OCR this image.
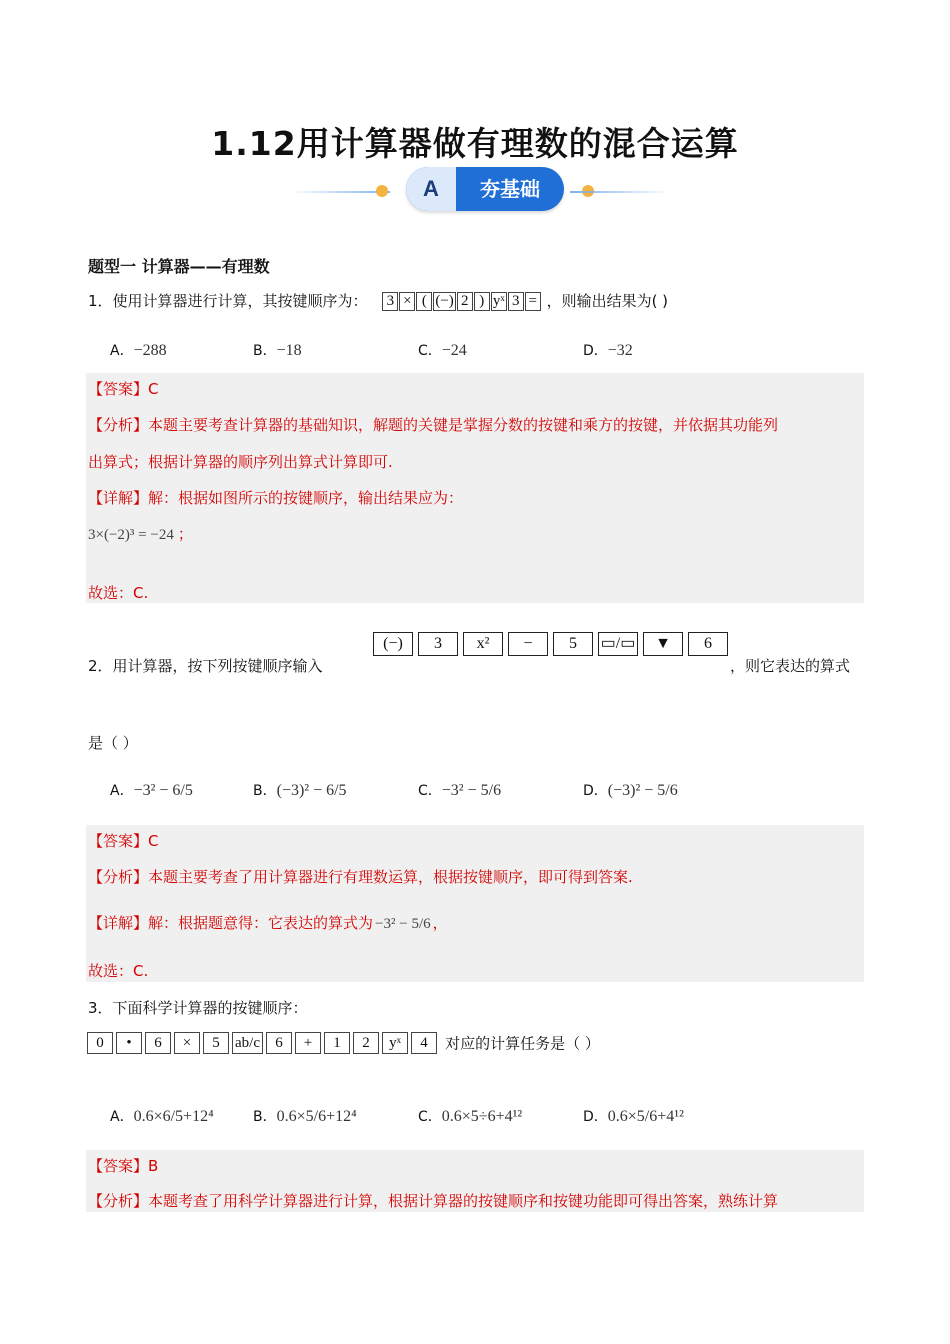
1.12用计算器做有理数的混合运算
A	夯基础
题型一 计算器——有理数
1．使用计算器进行计算，其按键顺序为： 3 × ( (−) 2 ) yˣ 3 = ，则输出结果为( )
A．−288	B．−18	C．−24	D．−32
【答案】C
【分析】本题主要考查计算器的基础知识，解题的关键是掌握分数的按键和乘方的按键，并依据其功能列
出算式；根据计算器的顺序列出算式计算即可.
【详解】解：根据如图所示的按键顺序，输出结果应为：
3×(−2)³ = −24 ；
故选：C.
(−) 3 x² − 5 ▭/▭ ▼ 6
2．用计算器，按下列按键顺序输入	，则它表达的算式
是（ ）
A．−3² − 6/5	B．(−3)² − 6/5	C．−3² − 5/6	D．(−3)² − 5/6
【答案】C
【分析】本题主要考查了用计算器进行有理数运算，根据按键顺序，即可得到答案.
【详解】解：根据题意得：它表达的算式为 −3² − 5/6 ，
故选：C.
3．下面科学计算器的按键顺序：
0 • 6 × 5 ab/c 6 + 1 2 yˣ 4 对应的计算任务是（ ）
A．0.6×6/5+12⁴	B．0.6×5/6+12⁴	C．0.6×5÷6+4¹²	D．0.6×5/6+4¹²
【答案】B
【分析】本题考查了用科学计算器进行计算，根据计算器的按键顺序和按键功能即可得出答案，熟练计算
